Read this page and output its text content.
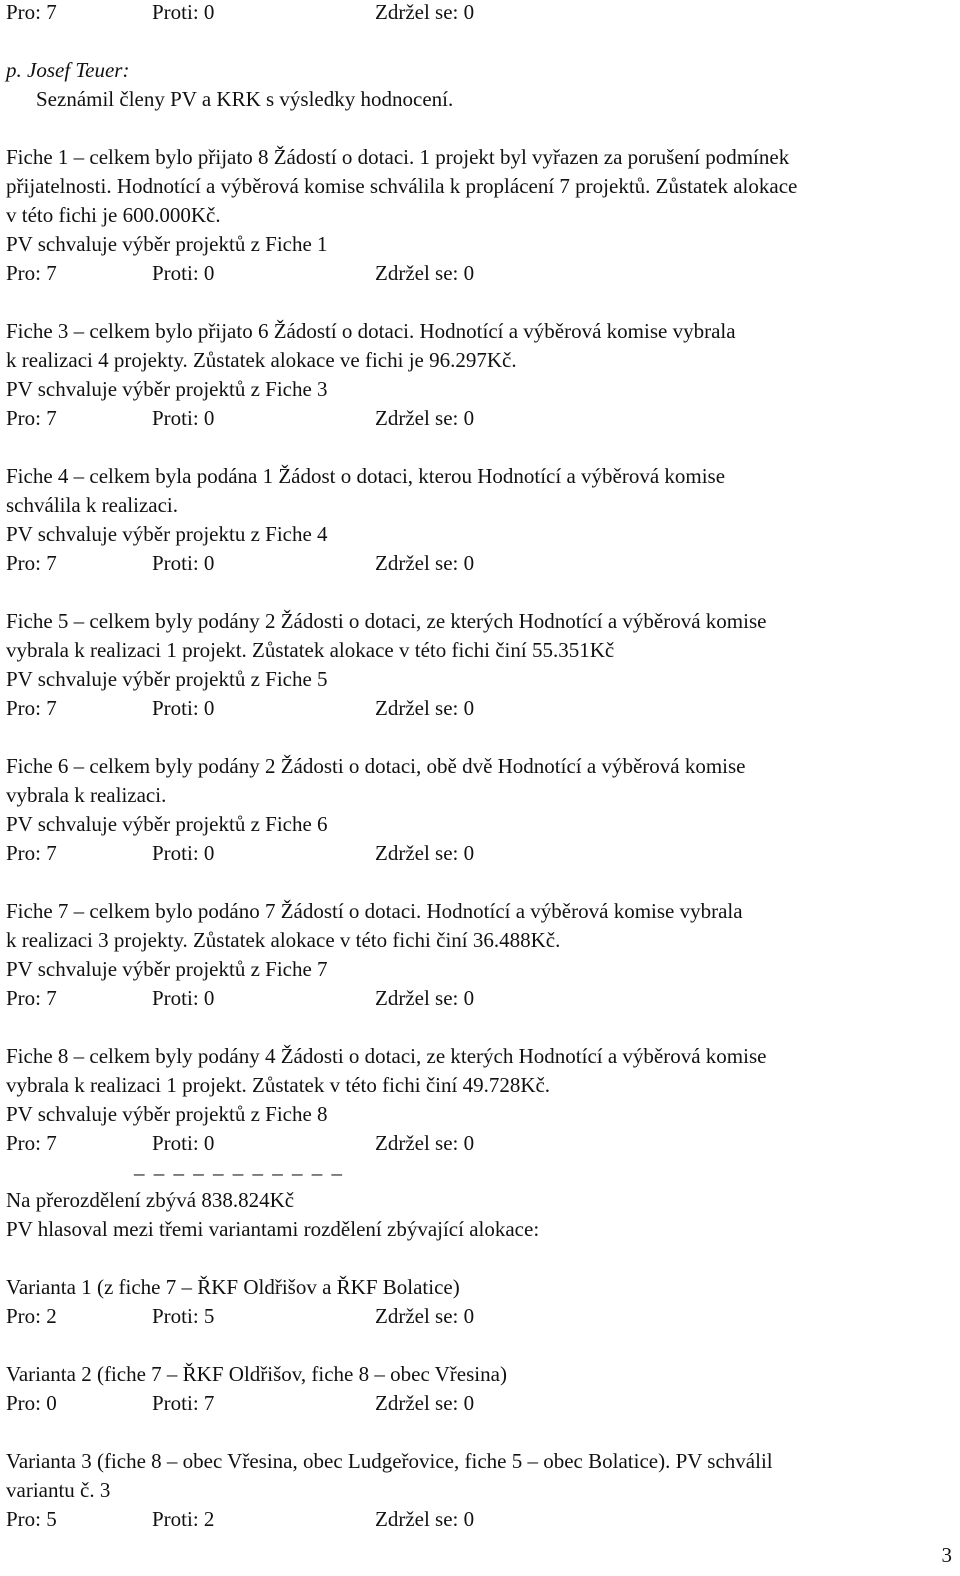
Pro: 7	Proti: 0	Zdržel se: 0
p. Josef Teuer:
Seznámil členy PV a KRK s výsledky hodnocení.
Fiche 1 – celkem bylo přijato 8 Žádostí o dotaci. 1 projekt byl vyřazen za porušení podmínek
přijatelnosti. Hodnotící a výběrová komise schválila k proplácení 7 projektů. Zůstatek alokace
v této fichi je 600.000Kč.
PV schvaluje výběr projektů z Fiche 1
Pro: 7	Proti: 0	Zdržel se: 0
Fiche 3 – celkem bylo přijato 6 Žádostí o dotaci. Hodnotící a výběrová komise vybrala
k realizaci 4 projekty. Zůstatek alokace ve fichi je 96.297Kč.
PV schvaluje výběr projektů z Fiche 3
Pro: 7	Proti: 0	Zdržel se: 0
Fiche 4 – celkem byla podána 1 Žádost o dotaci, kterou Hodnotící a výběrová komise
schválila k realizaci.
PV schvaluje výběr projektu z Fiche 4
Pro: 7	Proti: 0	Zdržel se: 0
Fiche 5 – celkem byly podány 2 Žádosti o dotaci, ze kterých Hodnotící a výběrová komise
vybrala k realizaci 1 projekt. Zůstatek alokace v této fichi činí 55.351Kč
PV schvaluje výběr projektů z Fiche 5
Pro: 7	Proti: 0	Zdržel se: 0
Fiche 6 – celkem byly podány 2 Žádosti o dotaci, obě dvě Hodnotící a výběrová komise
vybrala k realizaci.
PV schvaluje výběr projektů z Fiche 6
Pro: 7	Proti: 0	Zdržel se: 0
Fiche 7 – celkem bylo podáno 7 Žádostí o dotaci. Hodnotící a výběrová komise vybrala
k realizaci 3 projekty. Zůstatek alokace v této fichi činí 36.488Kč.
PV schvaluje výběr projektů z Fiche 7
Pro: 7	Proti: 0	Zdržel se: 0
Fiche 8 – celkem byly podány 4 Žádosti o dotaci, ze kterých Hodnotící a výběrová komise
vybrala k realizaci 1 projekt. Zůstatek v této fichi činí 49.728Kč.
PV schvaluje výběr projektů z Fiche 8
Pro: 7	Proti: 0	Zdržel se: 0
_ _ _ _ _ _ _ _ _ _ _
Na přerozdělení zbývá 838.824Kč
PV hlasoval mezi třemi variantami rozdělení zbývající alokace:
Varianta 1 (z fiche 7 – ŘKF Oldřišov a ŘKF Bolatice)
Pro: 2	Proti: 5	Zdržel se: 0
Varianta 2 (fiche 7 – ŘKF Oldřišov, fiche 8 – obec Vřesina)
Pro: 0	Proti: 7	Zdržel se: 0
Varianta 3 (fiche 8 – obec Vřesina, obec Ludgeřovice, fiche 5 – obec Bolatice). PV schválil
variantu č. 3
Pro: 5	Proti: 2	Zdržel se: 0
3
